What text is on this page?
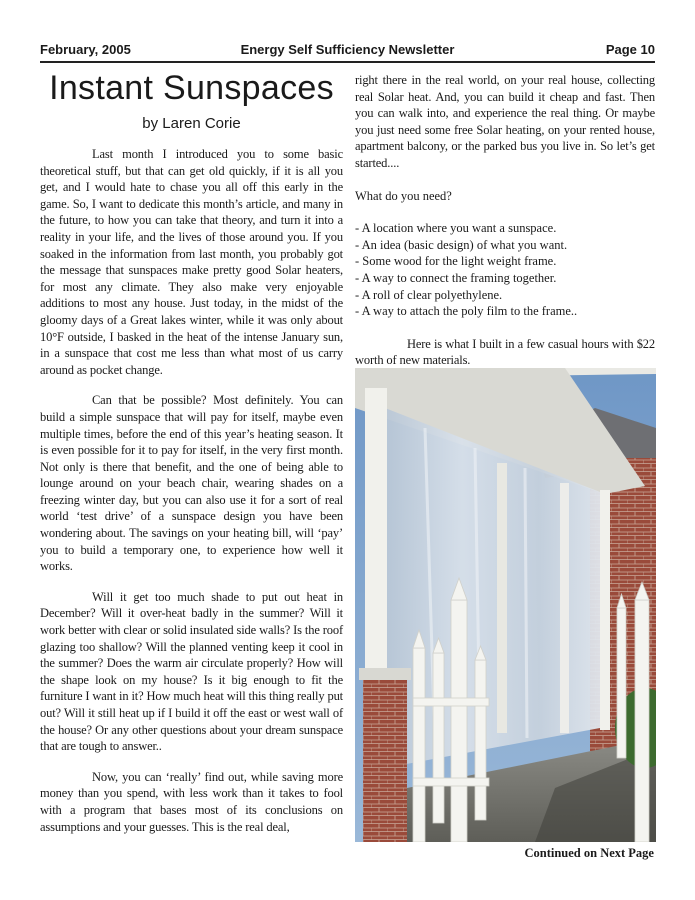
February, 2005	Energy Self Sufficiency Newsletter	Page 10
Instant Sunspaces
by Laren Corie

Last month I introduced you to some basic theoretical stuff, but that can get old quickly, if it is all you get, and I would hate to chase you all off this early in the game. So, I want to dedicate this month’s article, and many in the future, to how you can take that theory, and turn it into a reality in your life, and the lives of those around you. If you soaked in the information from last month, you probably got the message that sunspaces make pretty good Solar heaters, for most any climate. They also make very enjoyable additions to most any house. Just today, in the midst of the gloomy days of a Great lakes winter, while it was only about 10°F outside, I basked in the heat of the intense January sun, in a sunspace that cost me less than what most of us carry around as pocket change.

Can that be possible? Most definitely. You can build a simple sunspace that will pay for itself, maybe even multiple times, before the end of this year’s heating season. It is even possible for it to pay for itself, in the very first month. Not only is there that benefit, and the one of being able to lounge around on your beach chair, wearing shades on a freezing winter day, but you can also use it for a sort of real world ‘test drive’ of a sunspace design you have been wondering about. The savings on your heating bill, will ‘pay’ you to build a temporary one, to experience how well it works.

Will it get too much shade to put out heat in December? Will it over-heat badly in the summer? Will it work better with clear or solid insulated side walls? Is the roof glazing too shallow? Will the planned venting keep it cool in the summer? Does the warm air circulate properly? How will the shape look on my house? Is it big enough to fit the furniture I want in it? How much heat will this thing really put out? Will it still heat up if I build it off the east or west wall of the house? Or any other questions about your dream sunspace that are tough to answer..

Now, you can ‘really’ find out, while saving more money than you spend, with less work than it takes to fool with a program that bases most of its conclusions on assumptions and your guesses. This is the real deal,

right there in the real world, on your real house, collecting real Solar heat. And, you can build it cheap and fast. Then you can walk into, and experience the real thing. Or maybe you just need some free Solar heating, on your rented house, apartment balcony, or the parked bus you live in. So let’s get started....

What do you need?

- A location where you want a sunspace.
- An idea (basic design) of what you want.
- Some wood for the light weight frame.
- A way to connect the framing together.
- A roll of clear polyethylene.
- A way to attach the poly film to the frame..

Here is what I built in a few casual hours with $22 worth of new materials.

Continued on Next Page
